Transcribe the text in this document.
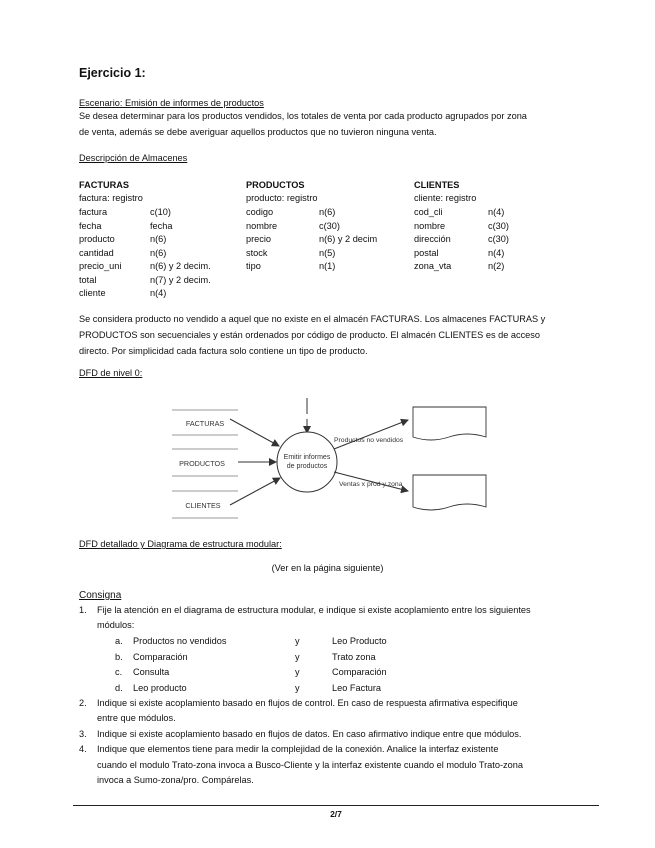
Ejercicio 1:
Escenario: Emisión de informes de productos
Se desea determinar para los productos vendidos, los totales de venta por cada producto agrupados por zona
de venta, además se debe averiguar aquellos productos que no tuvieron ninguna venta.
Descripción de Almacenes
FACTURAS
factura: registro
factura	c(10)
fecha	fecha
producto	n(6)
cantidad	n(6)
precio_uni	n(6) y 2 decim.
total	n(7) y 2 decim.
cliente	n(4)
PRODUCTOS
producto: registro
codigo	n(6)
nombre	c(30)
precio	n(6) y 2 decim
stock	n(5)
tipo	n(1)
CLIENTES
cliente: registro
cod_cli	n(4)
nombre	c(30)
dirección	c(30)
postal	n(4)
zona_vta	n(2)
Se considera producto no vendido a aquel que no existe en el almacén FACTURAS. Los almacenes FACTURAS y
PRODUCTOS son secuenciales y están ordenados por código de producto. El almacén CLIENTES es de acceso
directo. Por simplicidad cada factura solo contiene un tipo de producto.
DFD de nivel 0:
FACTURAS
PRODUCTOS
CLIENTES
Emitir informes
de productos
Productos no vendidos
Ventas x prod y zona
DFD detallado y Diagrama de estructura modular:
(Ver en la página siguiente)
Consigna
1. Fije la atención en el diagrama de estructura modular, e indique si existe acoplamiento entre los siguientes
módulos:
a. Productos no vendidos	y	Leo Producto
b. Comparación	y	Trato zona
c. Consulta	y	Comparación
d. Leo producto	y	Leo Factura
2. Indique si existe acoplamiento basado en flujos de control. En caso de respuesta afirmativa especifique
entre que módulos.
3. Indique si existe acoplamiento basado en flujos de datos. En caso afirmativo indique entre que módulos.
4. Indique que elementos tiene para medir la complejidad de la conexión. Analice la interfaz existente
cuando el modulo Trato-zona invoca a Busco-Cliente y la interfaz existente cuando el modulo Trato-zona
invoca a Sumo-zona/pro. Compárelas.
2/7
